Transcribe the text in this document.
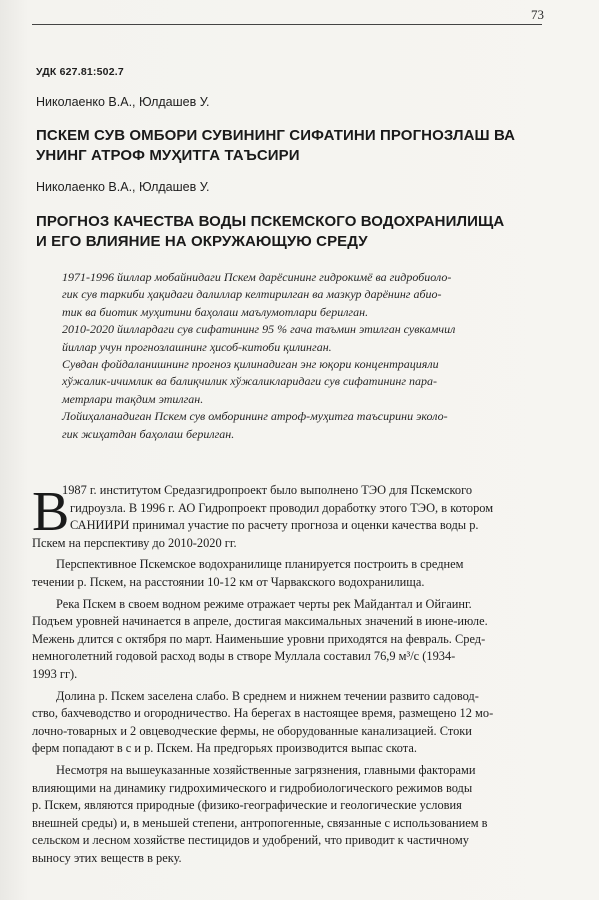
73
УДК 627.81:502.7
Николаенко В.А., Юлдашев У.
ПСКЕМ СУВ ОМБОРИ СУВИНИНГ СИФАТИНИ ПРОГНОЗЛАШ ВА
УНИНГ АТРОФ МУҲИТГА ТАЪСИРИ
Николаенко В.А., Юлдашев У.
ПРОГНОЗ КАЧЕСТВА ВОДЫ ПСКЕМСКОГО ВОДОХРАНИЛИЩА
И ЕГО ВЛИЯНИЕ НА ОКРУЖАЮЩУЮ СРЕДУ
1971-1996 йиллар мобайнидаги Пскем дарёсининг гидрокимё ва гидробиоло-
гик сув таркиби ҳақидаги далиллар келтирилган ва мазкур дарёнинг абио-
тик ва биотик муҳитини баҳолаш маълумотлари берилган.
2010-2020 йиллардаги сув сифатининг 95 % гача таъмин этилган сувкамчил
йиллар учун прогнозлашнинг ҳисоб-китоби қилинган.
Сувдан фойдаланишнинг прогноз қилинадиган энг юқори концентрацияли
хўжалик-ичимлик ва балиқчилик хўжаликларидаги сув сифатининг пара-
метрлари тақдим этилган.
Лойиҳаланадиган Пскем сув омборининг атроф-муҳитга таъсирини эколо-
гик жиҳатдан баҳолаш берилган.
В
1987 г. институтом Средазгидропроект было выполнено ТЭО для Пскемского
гидроузла. В 1996 г. АО Гидропроект проводил доработку этого ТЭО, в котором
САНИИРИ принимал участие по расчету прогноза и оценки качества воды р.
Пскем на перспективу до 2010-2020 гг.
Перспективное Пскемское водохранилище планируется построить в среднем
течении р. Пскем, на расстоянии 10-12 км от Чарвакского водохранилища.
Река Пскем в своем водном режиме отражает черты рек Майдантал и Ойгаинг.
Подъем уровней начинается в апреле, достигая максимальных значений в июне-июле.
Межень длится с октября по март. Наименьшие уровни приходятся на февраль. Сред-
немноголетний годовой расход воды в створе Муллала составил 76,9 м³/с (1934-
1993 гг).
Долина р. Пскем заселена слабо. В среднем и нижнем течении развито садовод-
ство, бахчеводство и огородничество. На берегах в настоящее время, размещено 12 мо-
лочно-товарных и 2 овцеводческие фермы, не оборудованные канализацией. Стоки
ферм попадают в с и р. Пскем. На предгорьях производится выпас скота.
Несмотря на вышеуказанные хозяйственные загрязнения, главными факторами
влияющими на динамику гидрохимического и гидробиологического режимов воды
р. Пскем, являются природные (физико-географические и геологические условия
внешней среды) и, в меньшей степени, антропогенные, связанные с использованием в
сельском и лесном хозяйстве пестицидов и удобрений, что приводит к частичному
выносу этих веществ в реку.
